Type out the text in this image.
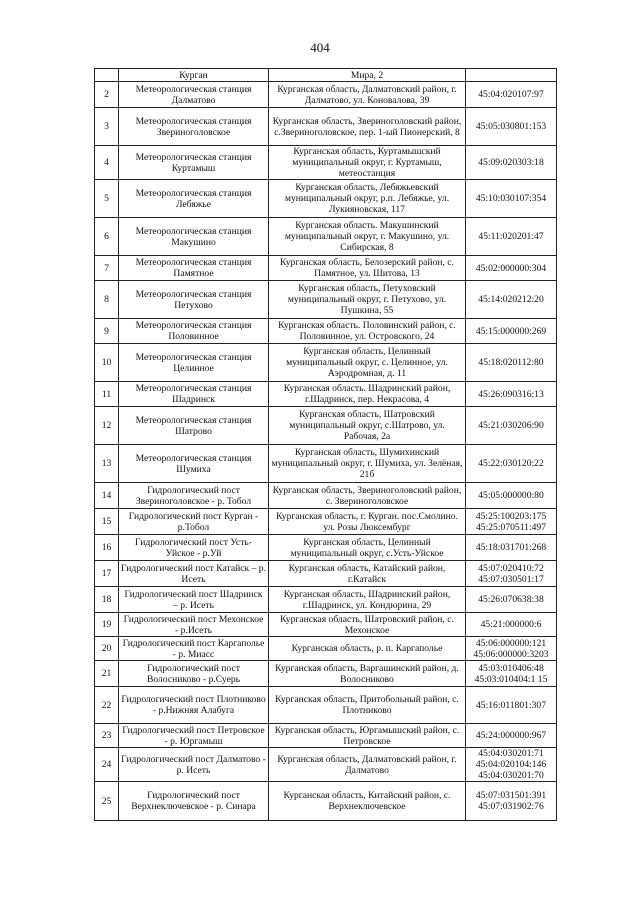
404
	Курган	Мира, 2	
2	Метеорологическая станция Далматово	Курганская область, Далматовский район, г. Далматово, ул. Коновалова, 39	45:04:020107:97

3	Метеорологическая станция Звериноголовское	Курганская область, Звериноголовский район, с.Звериноголовское, пер. 1-ый Пионерский, 8	45:05:030801:153

4	Метеорологическая станция Куртамыш	Курганская область, Куртамышский муниципальный округ, г. Куртамыш, метеостанция	45:09:020303:18

5	Метеорологическая станция Лебяжье	Курганская область, Лебяжьевский муниципальный округ, р.п. Лебяжье, ул. Лукияновская, 117	45:10:030107:354

6	Метеорологическая станция Макушино	Курганская область. Макушинский муниципальный округ, г. Макушино, ул. Сибирская, 8	45:11:020201:47

7	Метеорологическая станция Памятное	Курганская область, Белозерский район, с. Памятное, ул. Шитова, 13	45:02:000000:304

8	Метеорологическая станция Петухово	Курганская область, Петуховский муниципальный округ, г. Петухово, ул. Пушкина, 55	45:14:020212:20

9	Метеорологическая станция Половинное	Курганская область. Половинский район, с. Половинное, ул. Островского, 24	45:15:000000:269

10	Метеорологическая станция Целинное	Курганская область, Целинный муниципальный округ, с. Целинное, ул. Аэродромная, д. 11	45:18:020112:80

11	Метеорологическая станция Шадринск	Курганская область. Шадринский район, г.Шадринск, пер. Некрасова, 4	45:26:090316:13

12	Метеорологическая станция Шатрово	Курганская область, Шатровский муниципальный округ, с.Шатрово, ул. Рабочая, 2а	45:21:030206:90

13	Метеорологическая станция Шумиха	Курганская область, Шумихинский муниципальный округ, г. Шумиха, ул. Зелёная, 21б	45:22:030120:22

14	Гидрологический пост Звериноголовское - р. Тобол	Курганская область, Звериноголовский район, с. Звериноголовское	45:05:000000:80

15	Гидрологический пост Курган - р.Тобол	Курганская область, г. Курган. пос.Смолино. ул. Розы Люксембург	45:25:100203:175
45:25:070511:497

16	Гидрологический пост Усть-Уйское - р.Уй	Курганская область, Целинный муниципальный округ, с.Усть-Уйское	45:18:031701:268

17	Гидрологический пост Катайск – р. Исеть	Курганская область, Катайский район, г.Катайск	45:07:020410:72
45:07:030501:17

18	Гидрологический пост Шадринск – р. Исеть	Курганская область, Шадринский район, г.Шадринск, ул. Кондюрина, 29	45:26:070638:38

19	Гидрологический пост Мехонское - р.Исеть	Курганская область, Шатровский район, с. Мехонское	45:21:000000:6

20	Гидрологический пост Каргаполье - р. Миасс	Курганская область, р. п. Каргаполье	45:06:000000:121
45:06:000000:3203

21	Гидрологический пост Волосниково - р.Суерь	Курганская область, Варгашинский район, д. Волосниково	45:03:010406:48
45:03:010404:1 15

22	Гидрологический пост Плотниково - р.Нижняя Алабуга	Курганская область, Притобольный район, с. Плотниково	45:16:011801:307

23	Гидрологический пост Петровское - р. Юргамыш	Курганская область, Юргамышский район, с. Петровское	45:24:000000:967

24	Гидрологический пост Далматово - р. Исеть	Курганская область, Далматовский район, г. Далматово	45:04:030201:71
45:04:020104:146
45:04:030201:70

25	Гидрологический пост Верхнеключевское - р. Синара	Курганская область, Китайский район, с. Верхнеключевское	45:07:031501:391
45:07:031902:76
